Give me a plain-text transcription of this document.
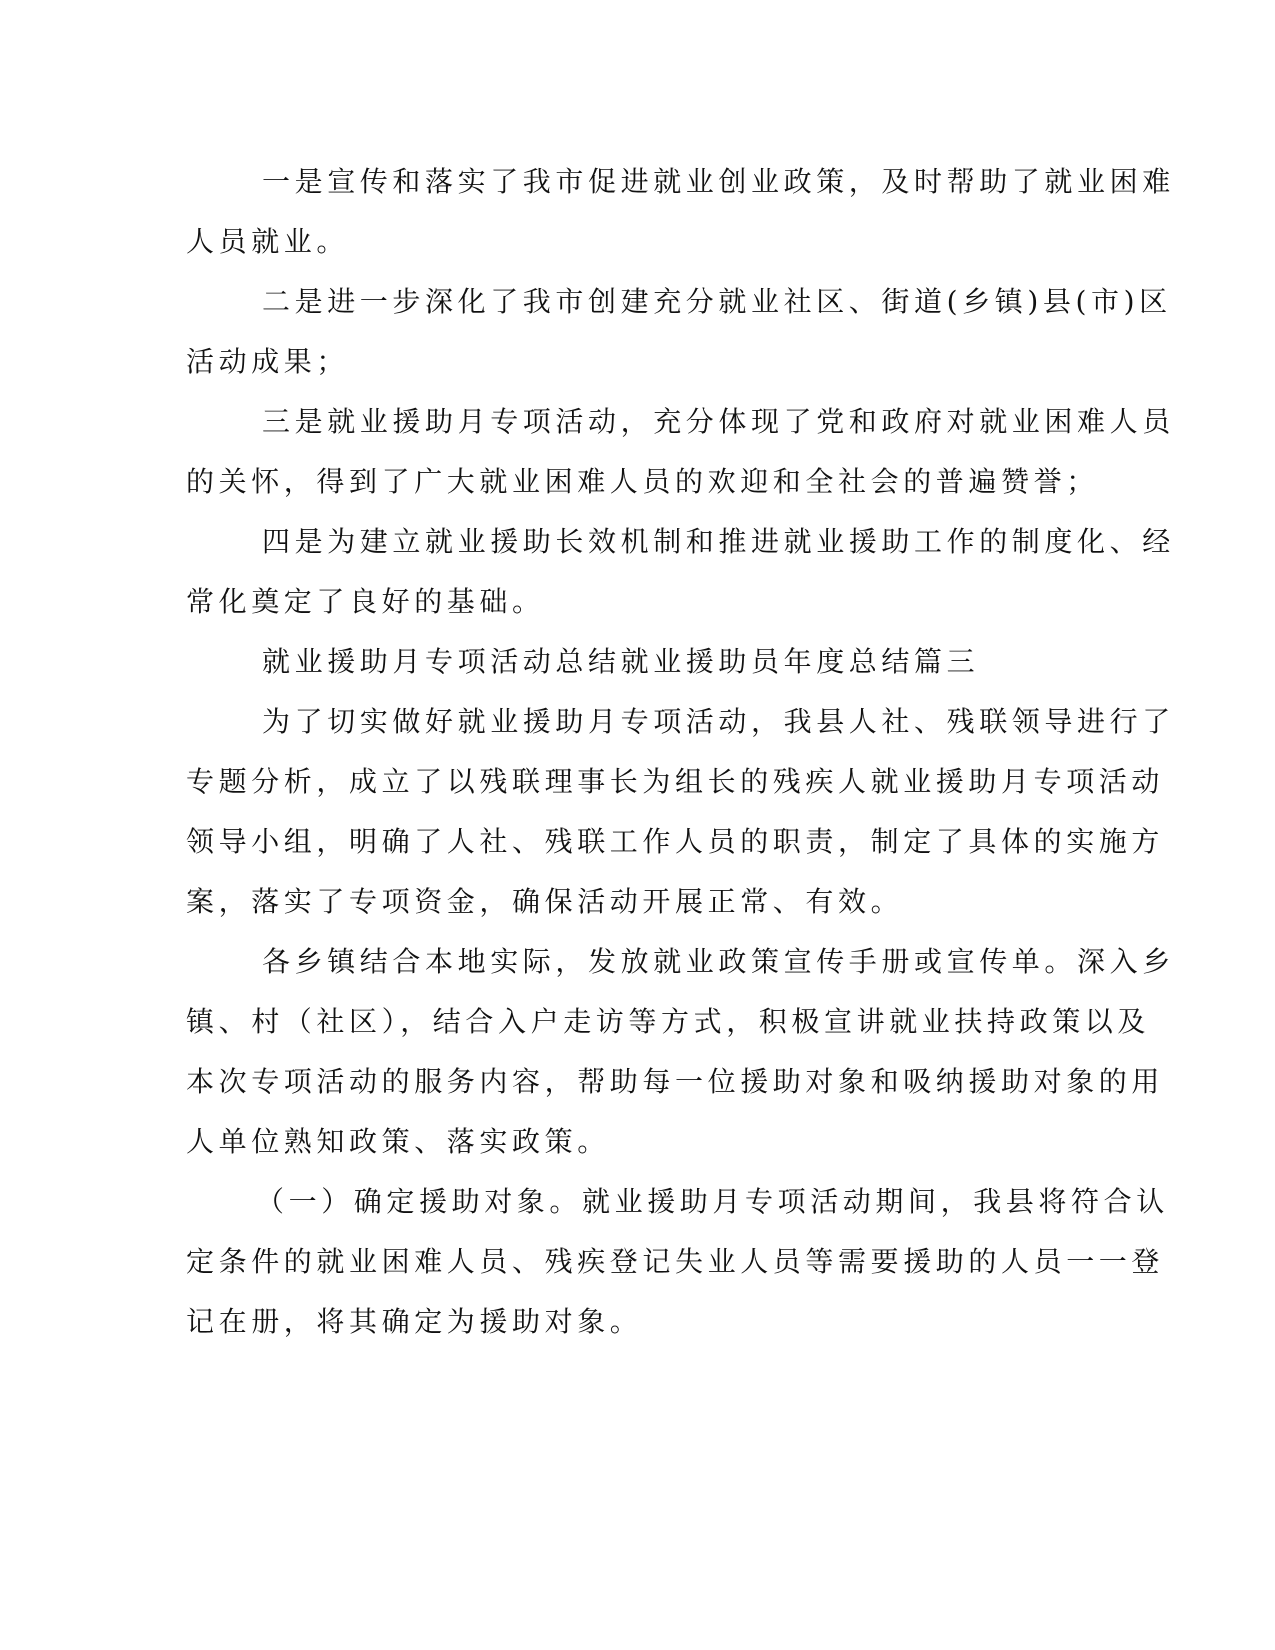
一是宣传和落实了我市促进就业创业政策，及时帮助了就业困难
人员就业。
二是进一步深化了我市创建充分就业社区、街道(乡镇)县(市)区
活动成果；
三是就业援助月专项活动，充分体现了党和政府对就业困难人员
的关怀，得到了广大就业困难人员的欢迎和全社会的普遍赞誉；
四是为建立就业援助长效机制和推进就业援助工作的制度化、经
常化奠定了良好的基础。
就业援助月专项活动总结就业援助员年度总结篇三
为了切实做好就业援助月专项活动，我县人社、残联领导进行了
专题分析，成立了以残联理事长为组长的残疾人就业援助月专项活动
领导小组，明确了人社、残联工作人员的职责，制定了具体的实施方
案，落实了专项资金，确保活动开展正常、有效。
各乡镇结合本地实际，发放就业政策宣传手册或宣传单。深入乡
镇、村（社区），结合入户走访等方式，积极宣讲就业扶持政策以及
本次专项活动的服务内容，帮助每一位援助对象和吸纳援助对象的用
人单位熟知政策、落实政策。
（一）确定援助对象。就业援助月专项活动期间，我县将符合认
定条件的就业困难人员、残疾登记失业人员等需要援助的人员一一登
记在册，将其确定为援助对象。
